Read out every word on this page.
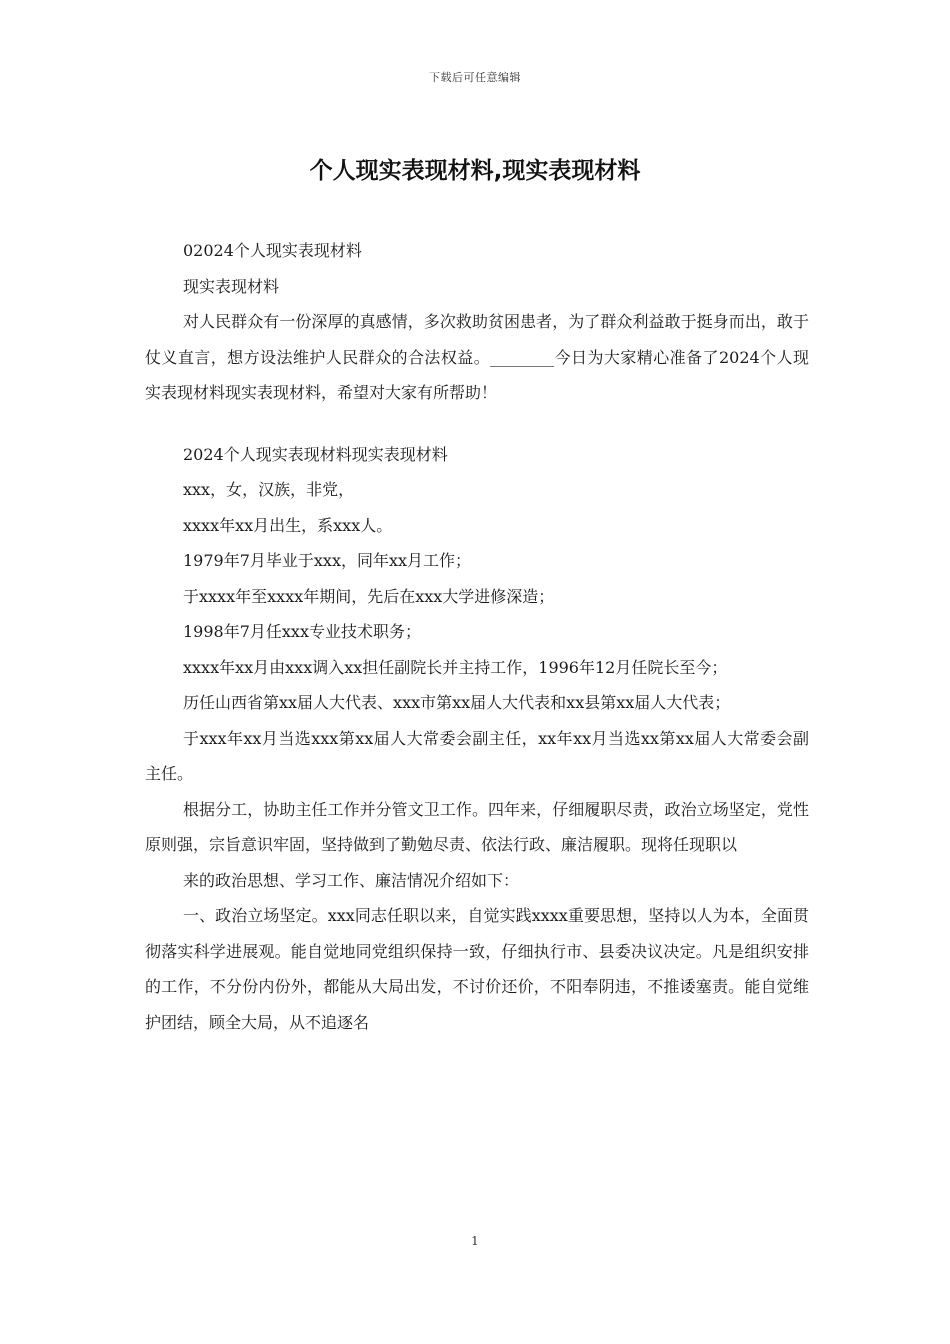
下载后可任意编辑
个人现实表现材料,现实表现材料

02024个人现实表现材料

现实表现材料

对人民群众有一份深厚的真感情，多次救助贫困患者，为了群众利益敢于挺身而出，敢于仗义直言，想方设法维护人民群众的合法权益。________今日为大家精心准备了2024个人现实表现材料现实表现材料，希望对大家有所帮助！

2024个人现实表现材料现实表现材料

xxx，女，汉族，非党，

xxxx年xx月出生，系xxx人。

1979年7月毕业于xxx，同年xx月工作；

于xxxx年至xxxx年期间，先后在xxx大学进修深造；

1998年7月任xxx专业技术职务；

xxxx年xx月由xxx调入xx担任副院长并主持工作，1996年12月任院长至今；

历任山西省第xx届人大代表、xxx市第xx届人大代表和xx县第xx届人大代表；

于xxx年xx月当选xxx第xx届人大常委会副主任，xx年xx月当选xx第xx届人大常委会副主任。

根据分工，协助主任工作并分管文卫工作。四年来，仔细履职尽责，政治立场坚定，党性原则强，宗旨意识牢固，坚持做到了勤勉尽责、依法行政、廉洁履职。现将任现职以

来的政治思想、学习工作、廉洁情况介绍如下：

一、政治立场坚定。xxx同志任职以来，自觉实践xxxx重要思想，坚持以人为本，全面贯彻落实科学进展观。能自觉地同党组织保持一致，仔细执行市、县委决议决定。凡是组织安排的工作，不分份内份外，都能从大局出发，不讨价还价，不阳奉阴违，不推诿塞责。能自觉维护团结，顾全大局，从不追逐名

1
